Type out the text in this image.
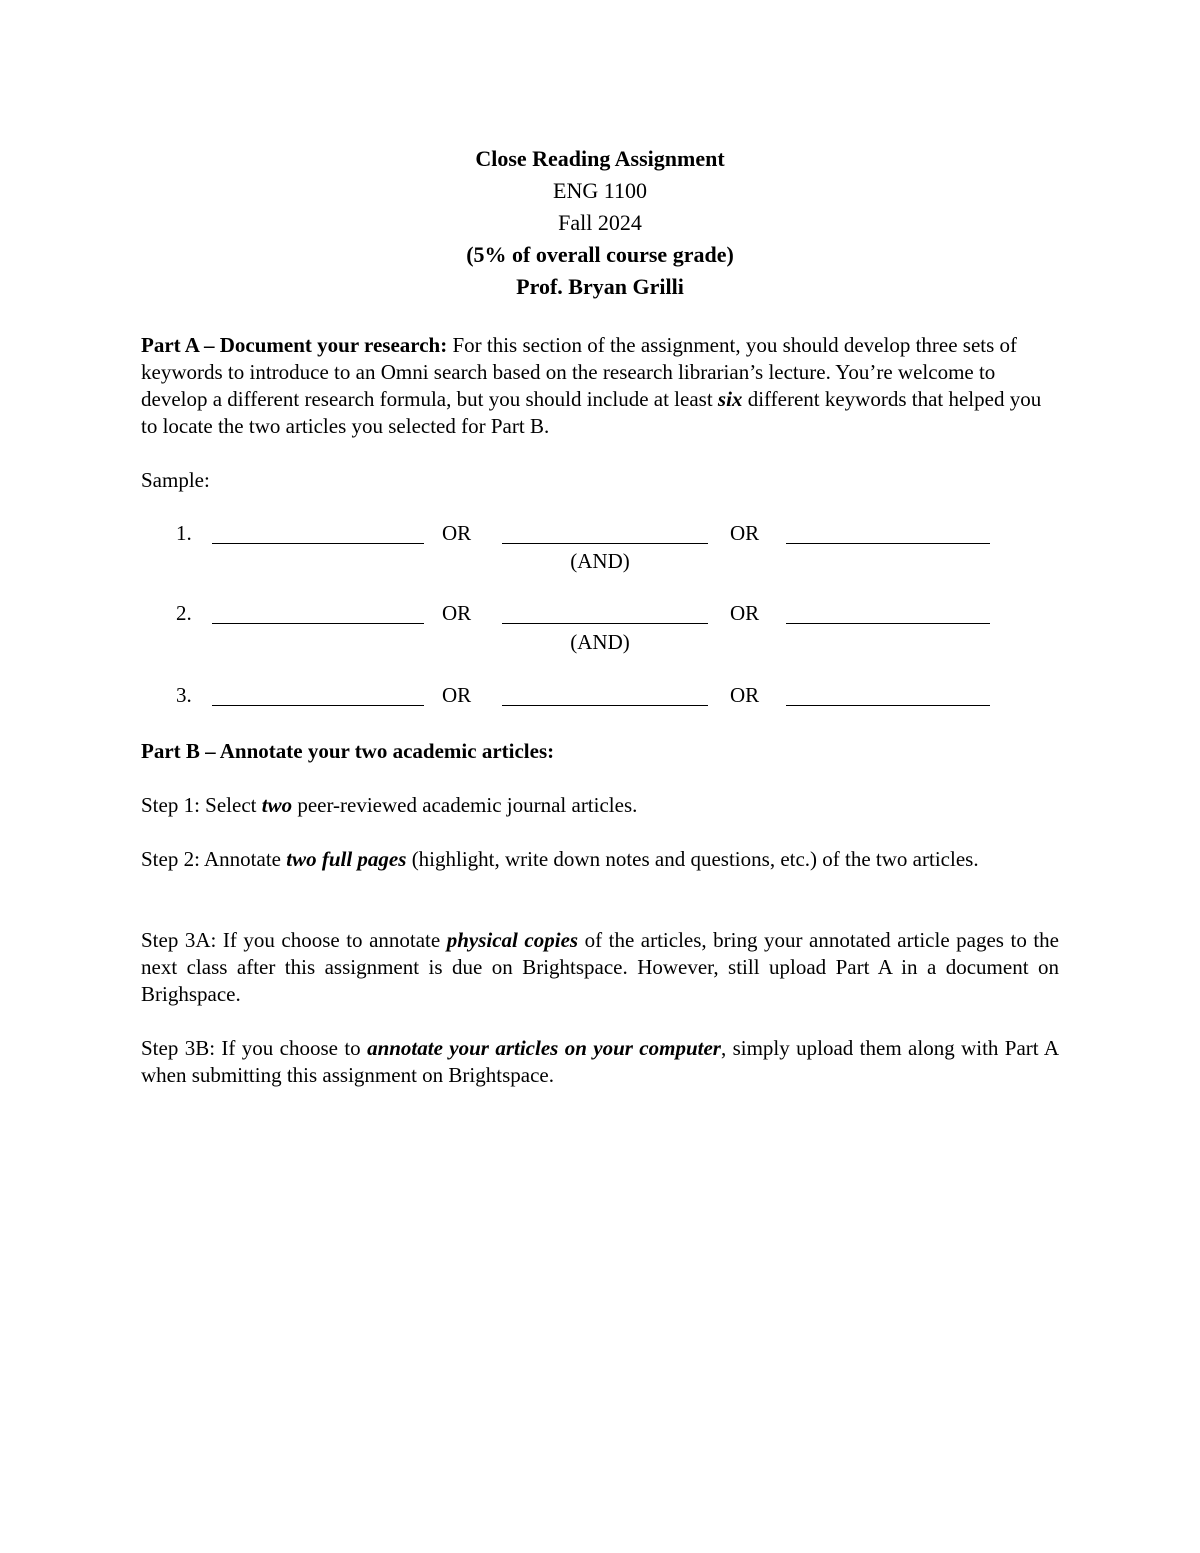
Close Reading Assignment
ENG 1100
Fall 2024
(5% of overall course grade)
Prof. Bryan Grilli
Part A – Document your research: For this section of the assignment, you should develop three sets of keywords to introduce to an Omni search based on the research librarian’s lecture. You’re welcome to develop a different research formula, but you should include at least six different keywords that helped you to locate the two articles you selected for Part B.
Sample:
1.	OR	OR
(AND)
2.	OR	OR
(AND)
3.	OR	OR
Part B – Annotate your two academic articles:
Step 1: Select two peer-reviewed academic journal articles.
Step 2: Annotate two full pages (highlight, write down notes and questions, etc.) of the two articles.
Step 3A: If you choose to annotate physical copies of the articles, bring your annotated article pages to the next class after this assignment is due on Brightspace. However, still upload Part A in a document on Brighspace.
Step 3B: If you choose to annotate your articles on your computer, simply upload them along with Part A when submitting this assignment on Brightspace.
